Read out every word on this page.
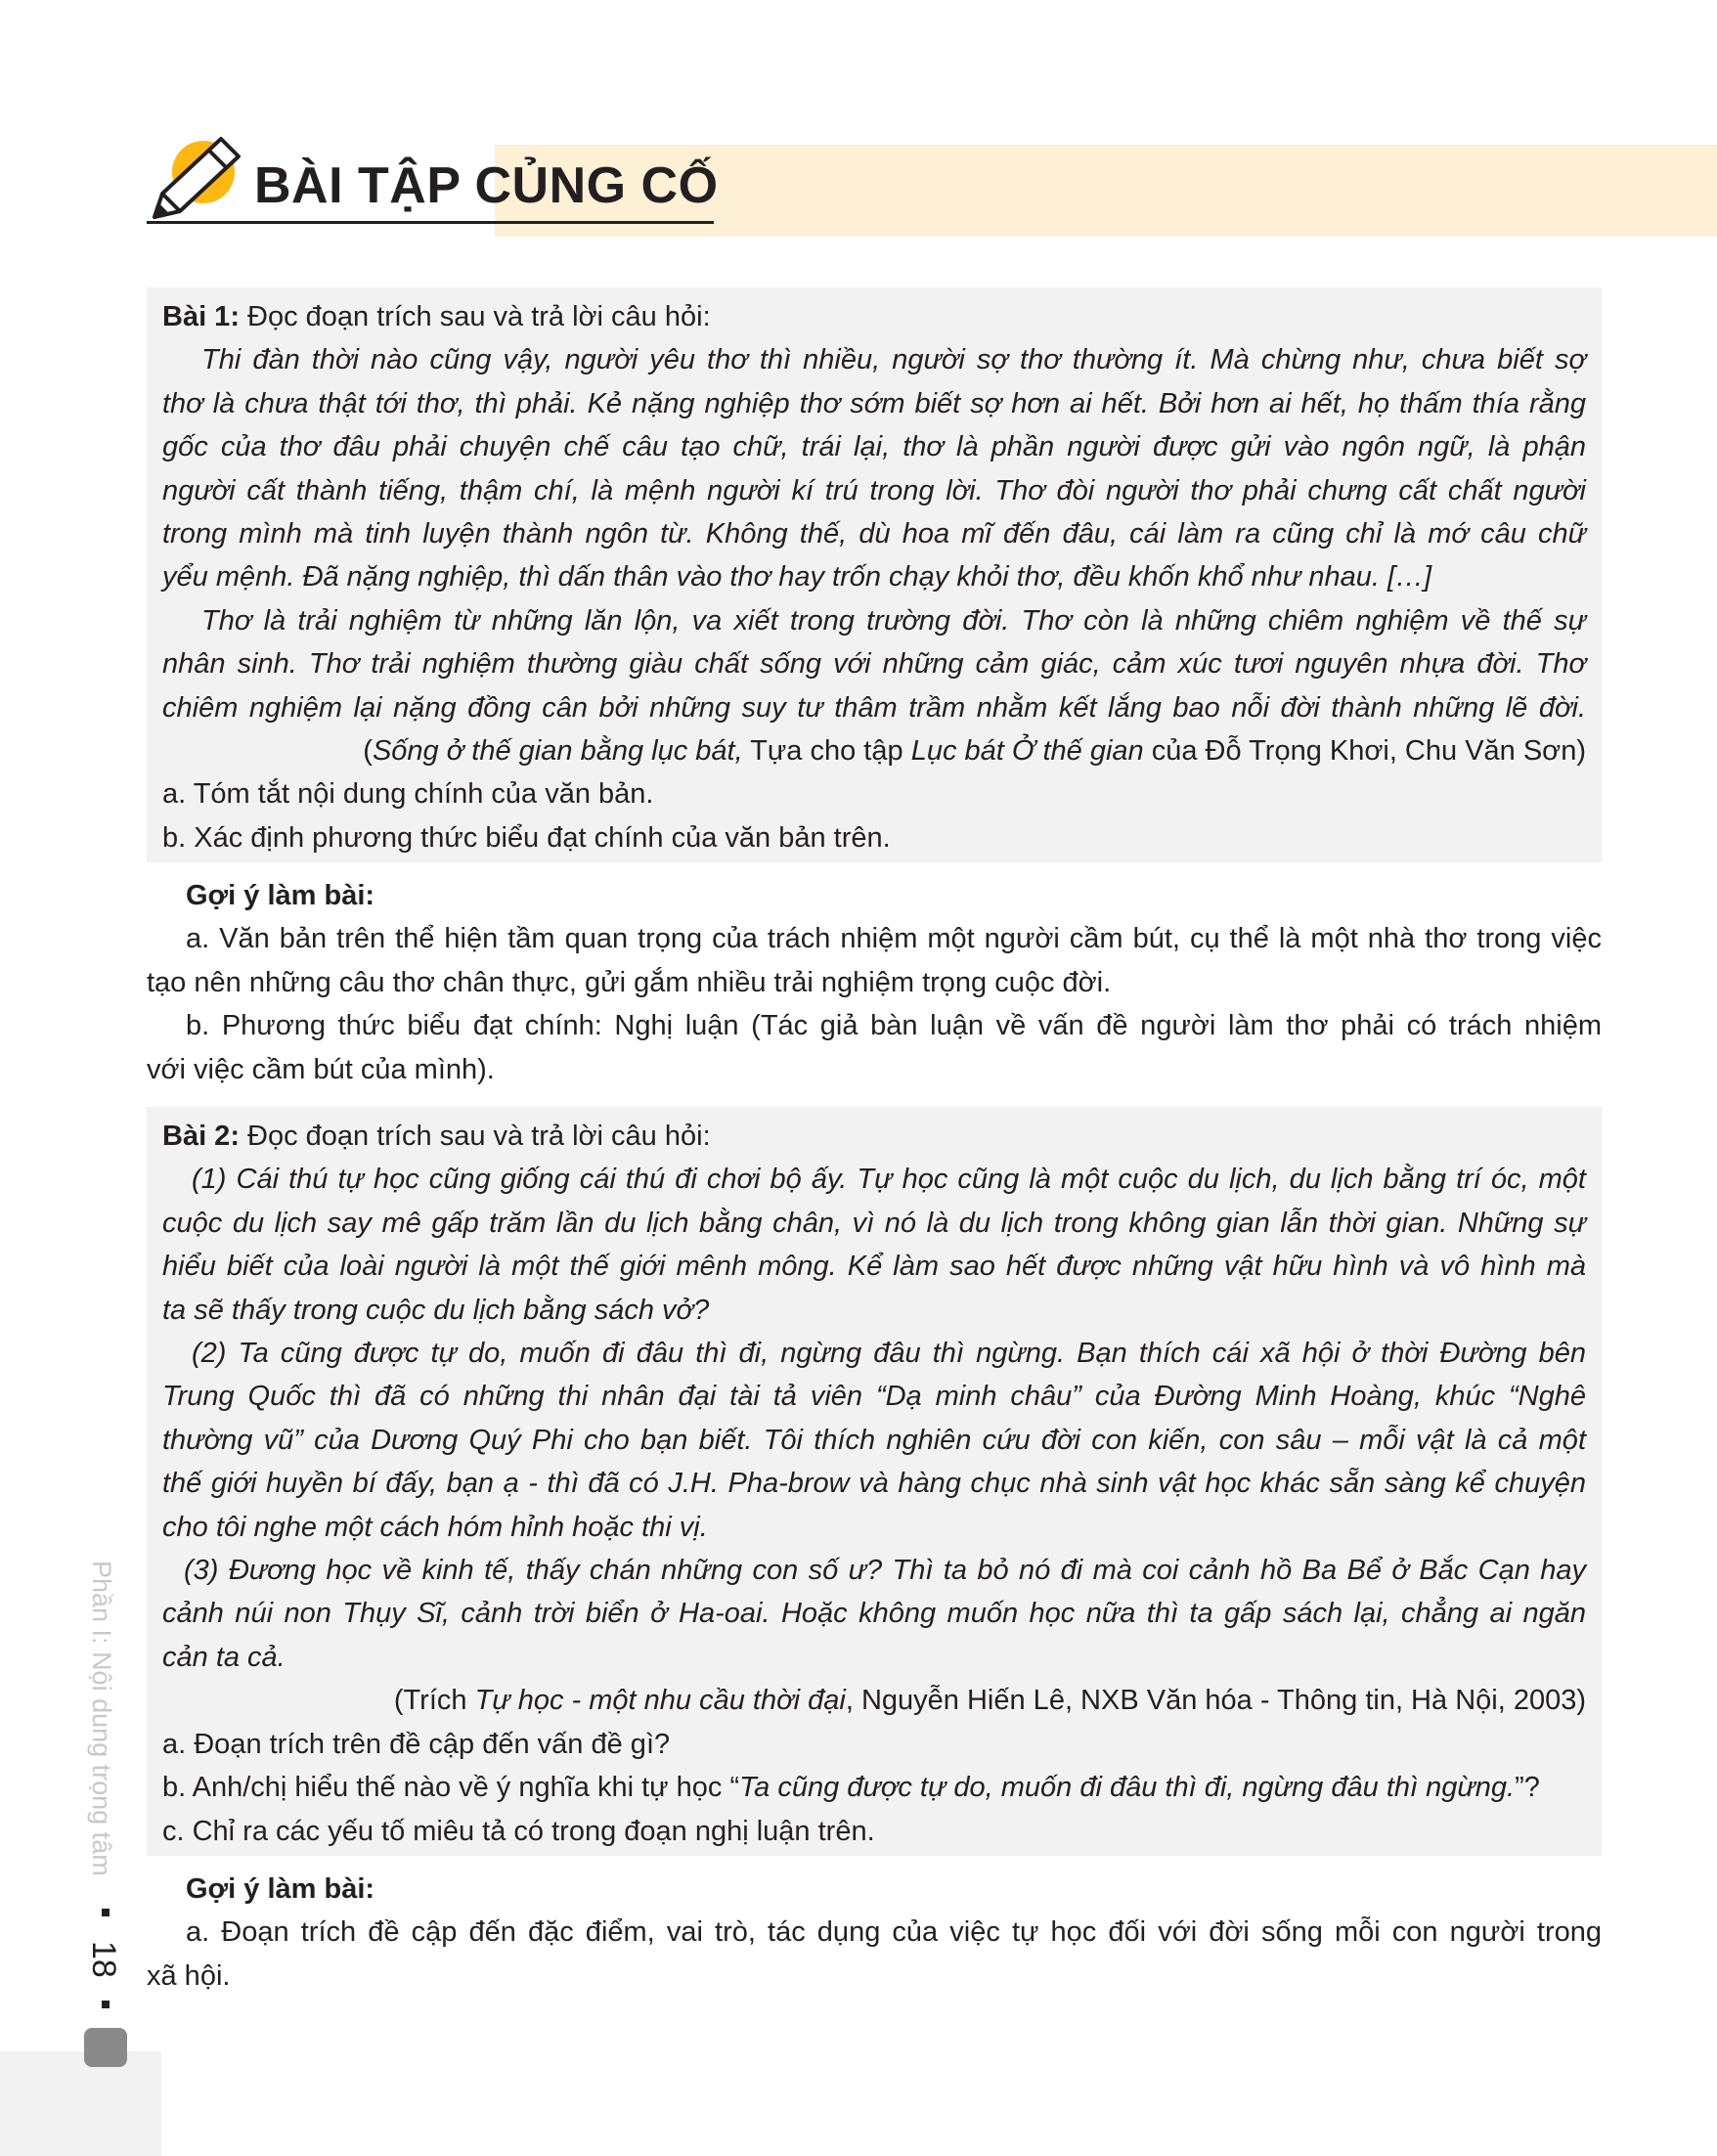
BÀI TẬP CỦNG CỐ
Bài 1: Đọc đoạn trích sau và trả lời câu hỏi:
Thi đàn thời nào cũng vậy, người yêu thơ thì nhiều, người sợ thơ thường ít. Mà chừng như, chưa biết sợ
thơ là chưa thật tới thơ, thì phải. Kẻ nặng nghiệp thơ sớm biết sợ hơn ai hết. Bởi hơn ai hết, họ thấm thía rằng
gốc của thơ đâu phải chuyện chế câu tạo chữ, trái lại, thơ là phần người được gửi vào ngôn ngữ, là phận
người cất thành tiếng, thậm chí, là mệnh người kí trú trong lời. Thơ đòi người thơ phải chưng cất chất người
trong mình mà tinh luyện thành ngôn từ. Không thế, dù hoa mĩ đến đâu, cái làm ra cũng chỉ là mớ câu chữ
yểu mệnh. Đã nặng nghiệp, thì dấn thân vào thơ hay trốn chạy khỏi thơ, đều khốn khổ như nhau. […]
Thơ là trải nghiệm từ những lăn lộn, va xiết trong trường đời. Thơ còn là những chiêm nghiệm về thế sự
nhân sinh. Thơ trải nghiệm thường giàu chất sống với những cảm giác, cảm xúc tươi nguyên nhựa đời. Thơ
chiêm nghiệm lại nặng đồng cân bởi những suy tư thâm trầm nhằm kết lắng bao nỗi đời thành những lẽ đời.
(Sống ở thế gian bằng lục bát, Tựa cho tập Lục bát Ở thế gian của Đỗ Trọng Khơi, Chu Văn Sơn)
a. Tóm tắt nội dung chính của văn bản.
b. Xác định phương thức biểu đạt chính của văn bản trên.
Gợi ý làm bài:
a. Văn bản trên thể hiện tầm quan trọng của trách nhiệm một người cầm bút, cụ thể là một nhà thơ trong việc
tạo nên những câu thơ chân thực, gửi gắm nhiều trải nghiệm trọng cuộc đời.
b. Phương thức biểu đạt chính: Nghị luận (Tác giả bàn luận về vấn đề người làm thơ phải có trách nhiệm
với việc cầm bút của mình).
Bài 2: Đọc đoạn trích sau và trả lời câu hỏi:
(1) Cái thú tự học cũng giống cái thú đi chơi bộ ấy. Tự học cũng là một cuộc du lịch, du lịch bằng trí óc, một
cuộc du lịch say mê gấp trăm lần du lịch bằng chân, vì nó là du lịch trong không gian lẫn thời gian. Những sự
hiểu biết của loài người là một thế giới mênh mông. Kể làm sao hết được những vật hữu hình và vô hình mà
ta sẽ thấy trong cuộc du lịch bằng sách vở?
(2) Ta cũng được tự do, muốn đi đâu thì đi, ngừng đâu thì ngừng. Bạn thích cái xã hội ở thời Đường bên
Trung Quốc thì đã có những thi nhân đại tài tả viên “Dạ minh châu” của Đường Minh Hoàng, khúc “Nghê
thường vũ” của Dương Quý Phi cho bạn biết. Tôi thích nghiên cứu đời con kiến, con sâu – mỗi vật là cả một
thế giới huyền bí đấy, bạn ạ - thì đã có J.H. Pha-brow và hàng chục nhà sinh vật học khác sẵn sàng kể chuyện
cho tôi nghe một cách hóm hỉnh hoặc thi vị.
(3) Đương học về kinh tế, thấy chán những con số ư? Thì ta bỏ nó đi mà coi cảnh hồ Ba Bể ở Bắc Cạn hay
cảnh núi non Thụy Sĩ, cảnh trời biển ở Ha-oai. Hoặc không muốn học nữa thì ta gấp sách lại, chẳng ai ngăn
cản ta cả.
(Trích Tự học - một nhu cầu thời đại, Nguyễn Hiến Lê, NXB Văn hóa - Thông tin, Hà Nội, 2003)
a. Đoạn trích trên đề cập đến vấn đề gì?
b. Anh/chị hiểu thế nào về ý nghĩa khi tự học “Ta cũng được tự do, muốn đi đâu thì đi, ngừng đâu thì ngừng.”?
c. Chỉ ra các yếu tố miêu tả có trong đoạn nghị luận trên.
Gợi ý làm bài:
a. Đoạn trích đề cập đến đặc điểm, vai trò, tác dụng của việc tự học đối với đời sống mỗi con người trong
xã hội.
Phần I: Nội dung trọng tâm
18
